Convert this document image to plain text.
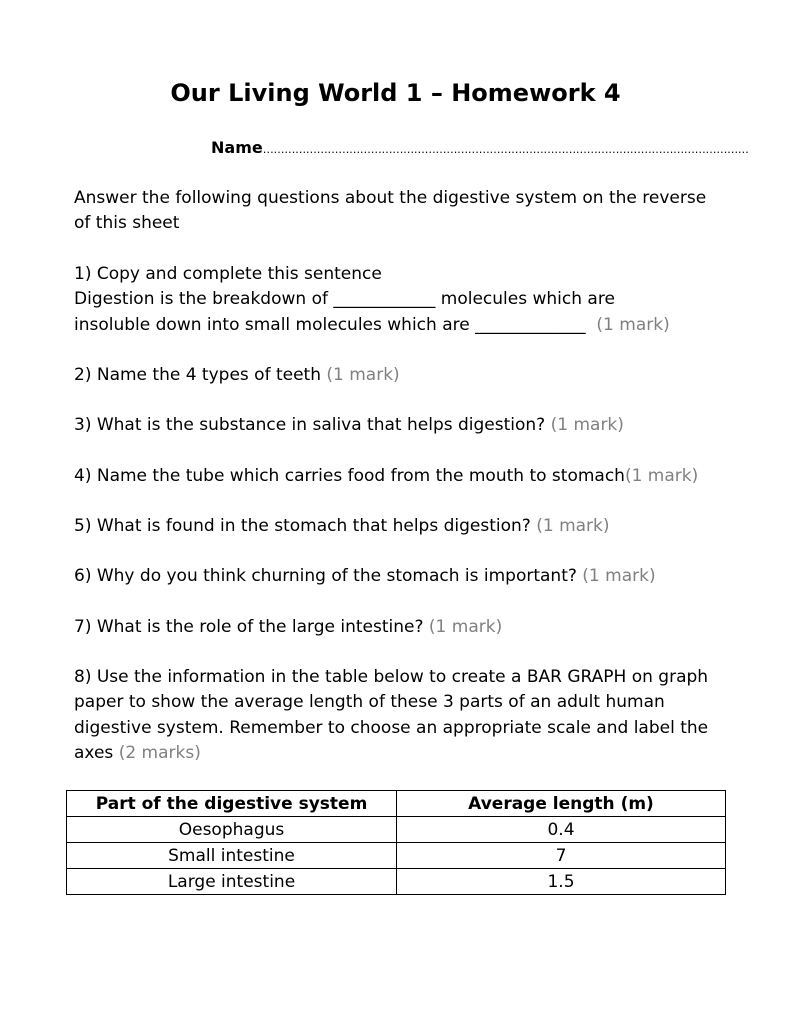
Our Living World 1 – Homework 4
Name………………………………………………………………………………………………………………………
Answer the following questions about the digestive system on the reverse of this sheet
1) Copy and complete this sentence
Digestion is the breakdown of ____________ molecules which are
insoluble down into small molecules which are _____________ (1 mark)
2) Name the 4 types of teeth (1 mark)
3) What is the substance in saliva that helps digestion? (1 mark)
4) Name the tube which carries food from the mouth to stomach(1 mark)
5) What is found in the stomach that helps digestion? (1 mark)
6) Why do you think churning of the stomach is important? (1 mark)
7) What is the role of the large intestine? (1 mark)
8) Use the information in the table below to create a BAR GRAPH on graph paper to show the average length of these 3 parts of an adult human digestive system. Remember to choose an appropriate scale and label the axes (2 marks)
Part of the digestive system	Average length (m)
Oesophagus	0.4
Small intestine	7
Large intestine	1.5
